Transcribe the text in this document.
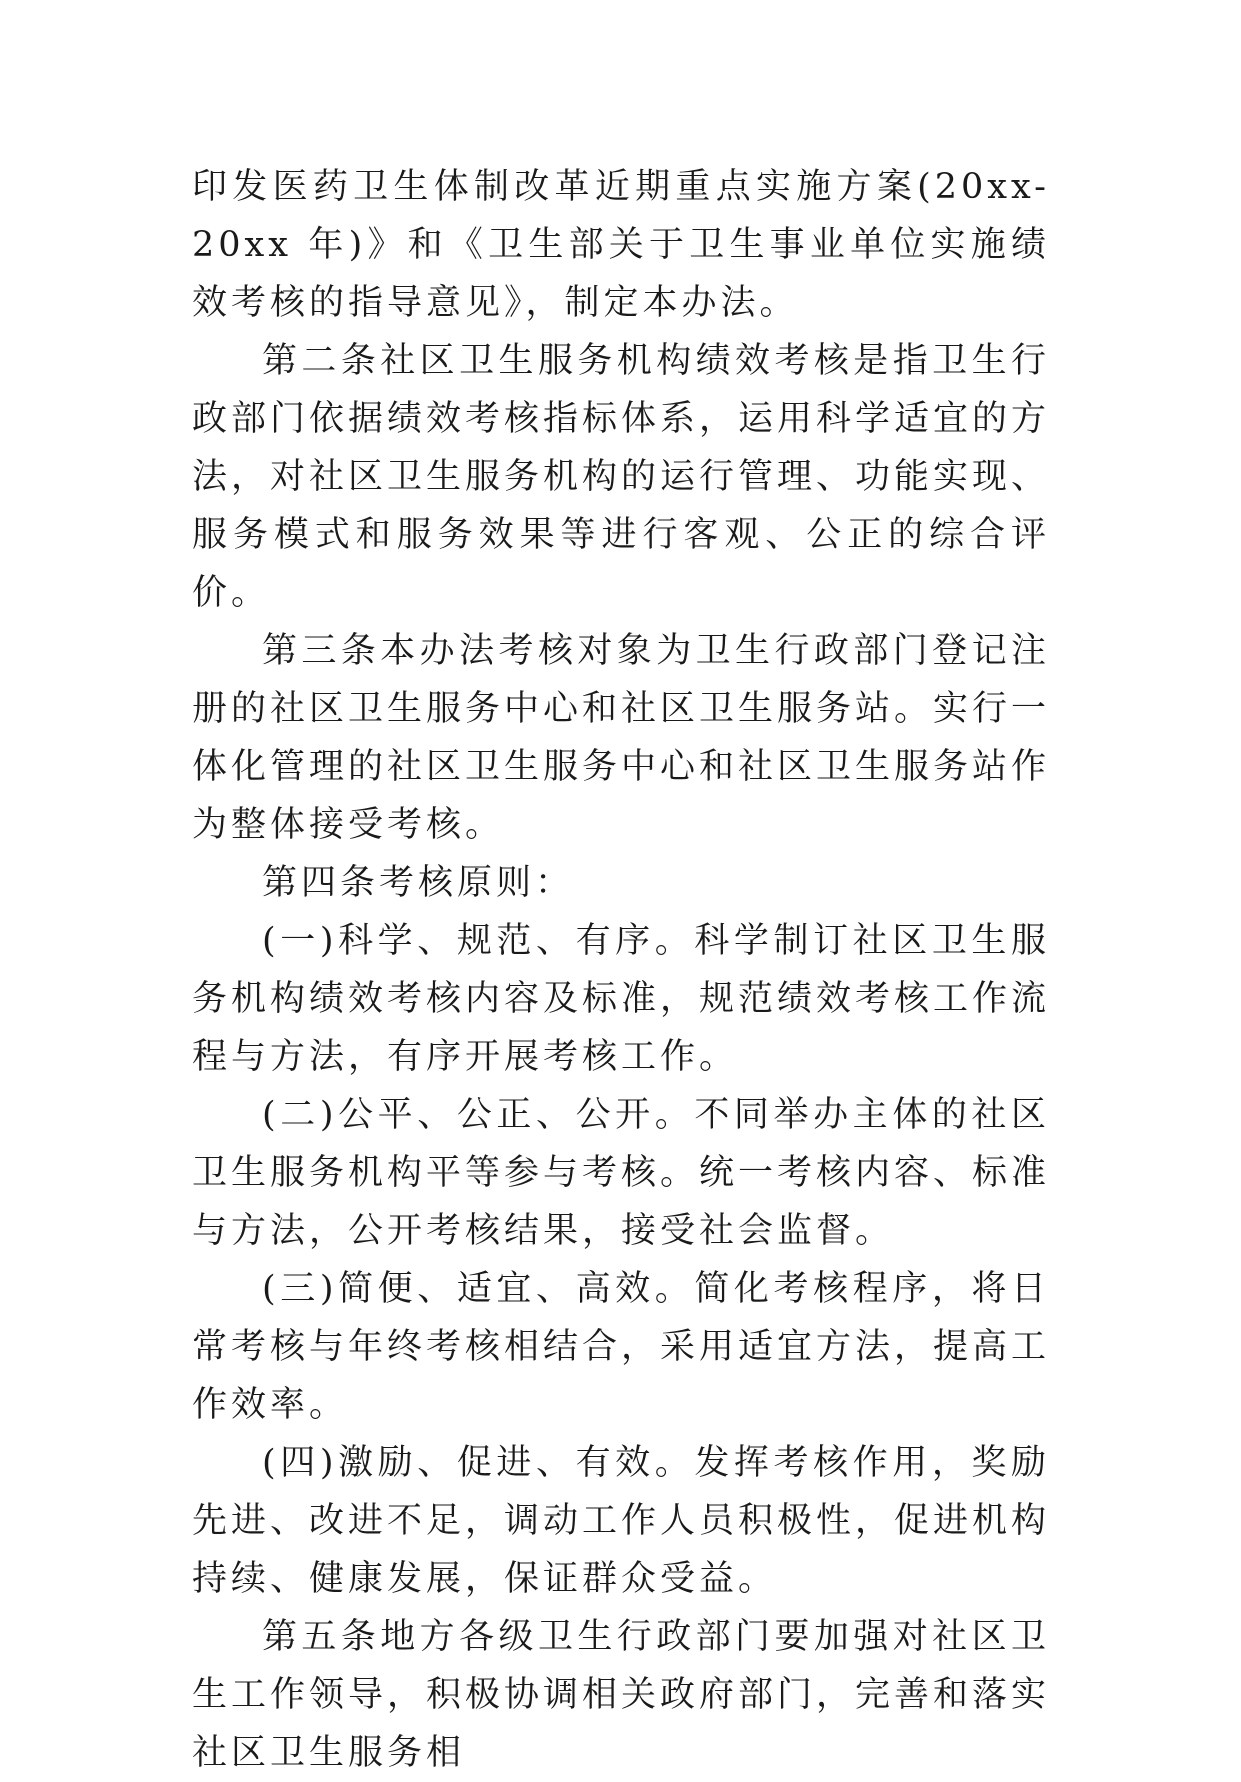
印发医药卫生体制改革近期重点实施方案(20xx-20xx 年)》和《卫生部关于卫生事业单位实施绩效考核的指导意见》，制定本办法。

第二条社区卫生服务机构绩效考核是指卫生行政部门依据绩效考核指标体系，运用科学适宜的方法，对社区卫生服务机构的运行管理、功能实现、服务模式和服务效果等进行客观、公正的综合评价。

第三条本办法考核对象为卫生行政部门登记注册的社区卫生服务中心和社区卫生服务站。实行一体化管理的社区卫生服务中心和社区卫生服务站作为整体接受考核。

第四条考核原则：

(一)科学、规范、有序。科学制订社区卫生服务机构绩效考核内容及标准，规范绩效考核工作流程与方法，有序开展考核工作。

(二)公平、公正、公开。不同举办主体的社区卫生服务机构平等参与考核。统一考核内容、标准与方法，公开考核结果，接受社会监督。

(三)简便、适宜、高效。简化考核程序，将日常考核与年终考核相结合，采用适宜方法，提高工作效率。

(四)激励、促进、有效。发挥考核作用，奖励先进、改进不足，调动工作人员积极性，促进机构持续、健康发展，保证群众受益。

第五条地方各级卫生行政部门要加强对社区卫生工作领导，积极协调相关政府部门，完善和落实社区卫生服务相
